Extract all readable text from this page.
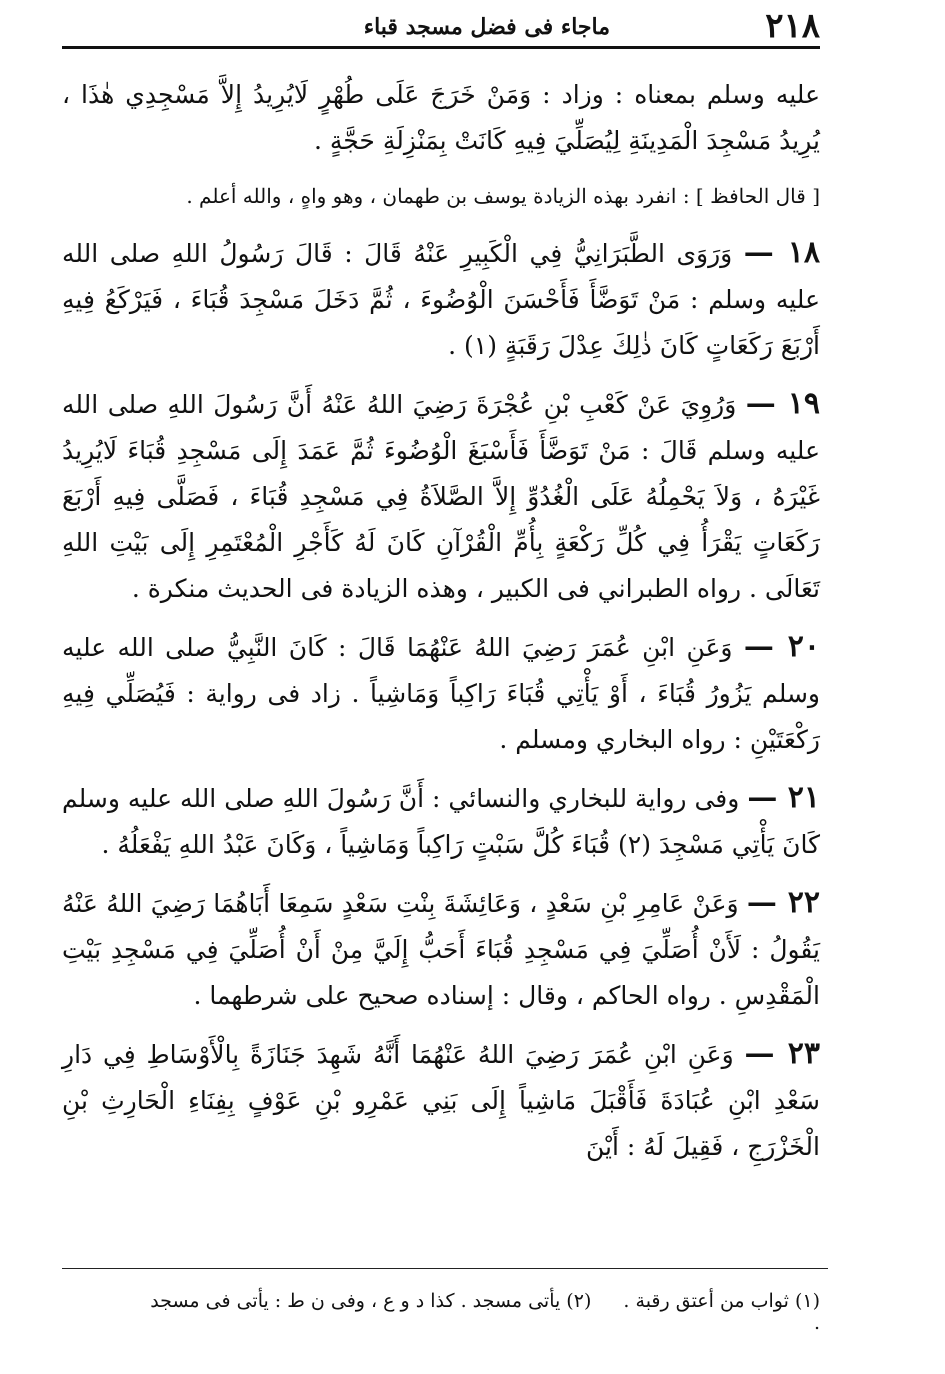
٢١٨
ماجاء فى فضل مسجد قباء

عليه وسلم بمعناه : وزاد : وَمَنْ خَرَجَ عَلَى طُهْرٍ لَايُرِيدُ إِلاَّ مَسْجِدِي هٰذَا ، يُرِيدُ مَسْجِدَ الْمَدِينَةِ لِيُصَلِّيَ فِيهِ كَانَتْ بِمَنْزِلَةِ حَجَّةٍ .

[ قال الحافظ ] : انفرد بهذه الزيادة يوسف بن طهمان ، وهو واهٍ ، والله أعلم .

١٨ — وَرَوَى الطَّبَرَانِيُّ فِي الْكَبِيرِ عَنْهُ قَالَ : قَالَ رَسُولُ اللهِ صلى الله عليه وسلم : مَنْ تَوَضَّأَ فَأَحْسَنَ الْوُضُوءَ ، ثُمَّ دَخَلَ مَسْجِدَ قُبَاءَ ، فَيَرْكَعُ فِيهِ أَرْبَعَ رَكَعَاتٍ كَانَ ذٰلِكَ عِدْلَ رَقَبَةٍ (١) .

١٩ — وَرُوِيَ عَنْ كَعْبِ بْنِ عُجْرَةَ رَضِيَ اللهُ عَنْهُ أَنَّ رَسُولَ اللهِ صلى الله عليه وسلم قَالَ : مَنْ تَوَضَّأَ فَأَسْبَغَ الْوُضُوءَ ثُمَّ عَمَدَ إِلَى مَسْجِدِ قُبَاءَ لَايُرِيدُ غَيْرَهُ ، وَلاَ يَحْمِلُهُ عَلَى الْغُدُوِّ إِلاَّ الصَّلاَةُ فِي مَسْجِدِ قُبَاءَ ، فَصَلَّى فِيهِ أَرْبَعَ رَكَعَاتٍ يَقْرَأُ فِي كُلِّ رَكْعَةٍ بِأُمِّ الْقُرْآنِ كَانَ لَهُ كَأَجْرِ الْمُعْتَمِرِ إِلَى بَيْتِ اللهِ تَعَالَى . رواه الطبراني فى الكبير ، وهذه الزيادة فى الحديث منكرة .

٢٠ — وَعَنِ ابْنِ عُمَرَ رَضِيَ اللهُ عَنْهُمَا قَالَ : كَانَ النَّبِيُّ صلى الله عليه وسلم يَزُورُ قُبَاءَ ، أَوْ يَأْتِي قُبَاءَ رَاكِباً وَمَاشِياً . زاد فى رواية : فَيُصَلِّي فِيهِ رَكْعَتَيْنِ : رواه البخاري ومسلم .

٢١ — وفى رواية للبخاري والنسائي : أَنَّ رَسُولَ اللهِ صلى الله عليه وسلم كَانَ يَأْتِي مَسْجِدَ (٢) قُبَاءَ كُلَّ سَبْتٍ رَاكِباً وَمَاشِياً ، وَكَانَ عَبْدُ اللهِ يَفْعَلُهُ .

٢٢ — وَعَنْ عَامِرِ بْنِ سَعْدٍ ، وَعَائِشَةَ بِنْتِ سَعْدٍ سَمِعَا أَبَاهُمَا رَضِيَ اللهُ عَنْهُ يَقُولُ : لَأَنْ أُصَلِّيَ فِي مَسْجِدِ قُبَاءَ أَحَبُّ إِلَيَّ مِنْ أَنْ أُصَلِّيَ فِي مَسْجِدِ بَيْتِ الْمَقْدِسِ . رواه الحاكم ، وقال : إسناده صحيح على شرطهما .

٢٣ — وَعَنِ ابْنِ عُمَرَ رَضِيَ اللهُ عَنْهُمَا أَنَّهُ شَهِدَ جَنَازَةً بِالْأَوْسَاطِ فِي دَارِ سَعْدِ ابْنِ عُبَادَةَ فَأَقْبَلَ مَاشِياً إِلَى بَنِي عَمْرِو بْنِ عَوْفٍ بِفِنَاءِ الْحَارِثِ بْنِ الْخَزْرَجِ ، فَقِيلَ لَهُ : أَيْنَ

(١) ثواب من أعتق رقبة . (٢) يأتى مسجد . كذا د و ع ، وفى ن ط : يأتى فى مسجد .
